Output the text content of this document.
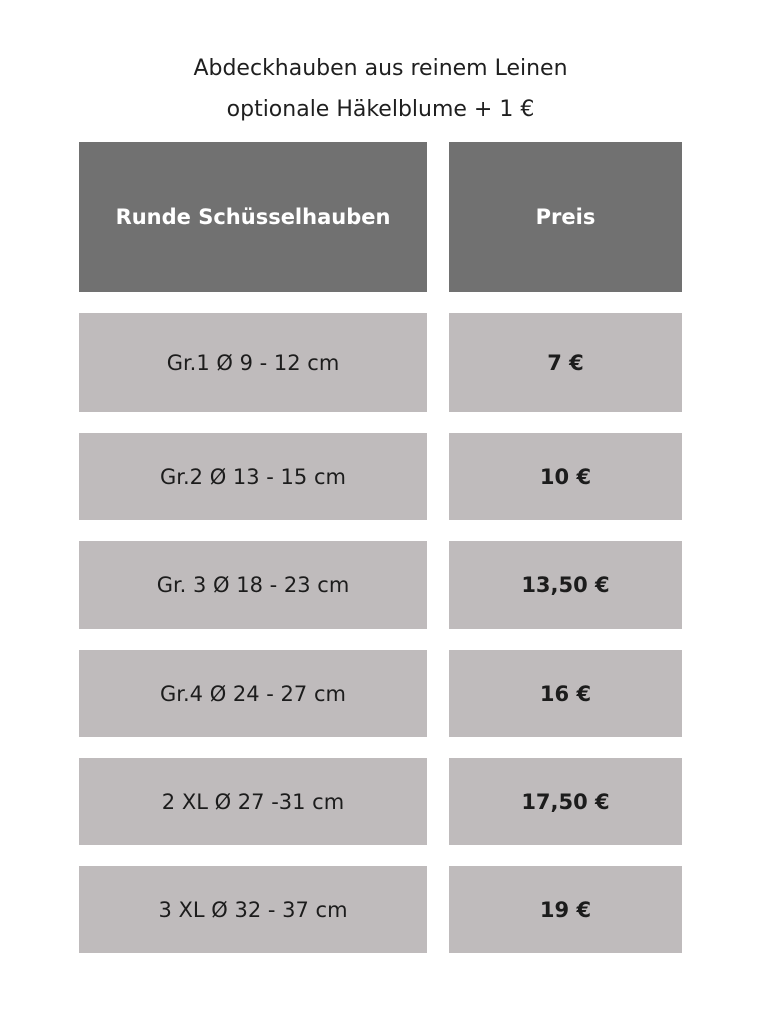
Abdeckhauben aus reinem Leinen
optionale Häkelblume + 1 €
Runde Schüsselhauben	Preis
Gr.1 Ø 9 - 12 cm	7 €
Gr.2 Ø 13 - 15 cm	10 €
Gr. 3 Ø 18 - 23 cm	13,50 €
Gr.4 Ø 24 - 27 cm	16 €
2 XL Ø 27 -31 cm	17,50 €
3 XL Ø 32 - 37 cm	19 €
